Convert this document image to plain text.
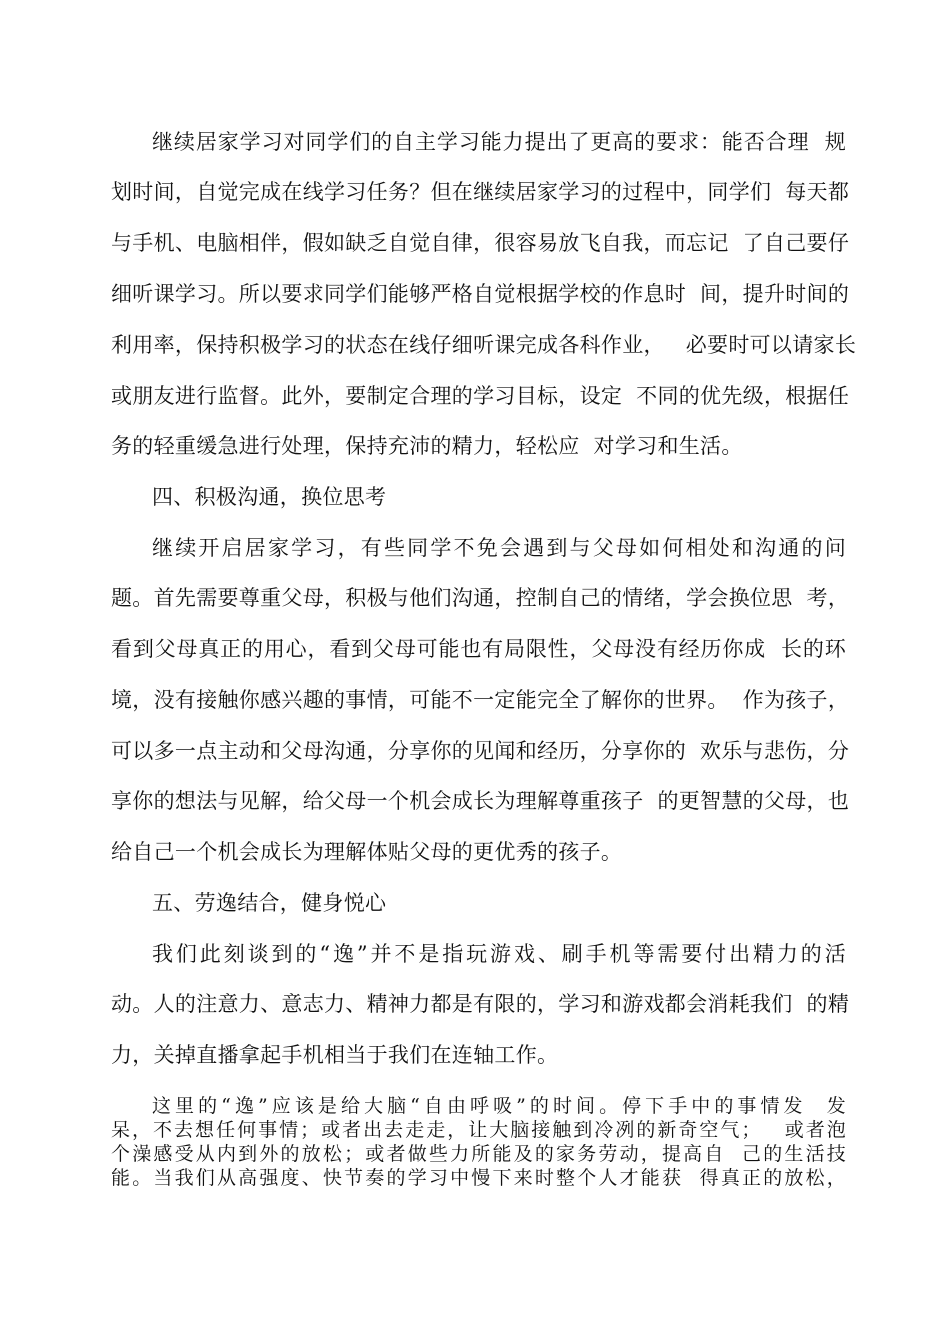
继续居家学习对同学们的自主学习能力提出了更高的要求：能否合理  规
划时间，自觉完成在线学习任务？但在继续居家学习的过程中，同学们  每天都
与手机、电脑相伴，假如缺乏自觉自律，很容易放飞自我，而忘记  了自己要仔
细听课学习。所以要求同学们能够严格自觉根据学校的作息时  间，提升时间的
利用率，保持积极学习的状态在线仔细听课完成各科作业，   必要时可以请家长
或朋友进行监督。此外，要制定合理的学习目标，设定  不同的优先级，根据任
务的轻重缓急进行处理，保持充沛的精力，轻松应  对学习和生活。
四、积极沟通，换位思考
继续开启居家学习，有些同学不免会遇到与父母如何相处和沟通的问
题。首先需要尊重父母，积极与他们沟通，控制自己的情绪，学会换位思  考，
看到父母真正的用心，看到父母可能也有局限性，父母没有经历你成  长的环
境，没有接触你感兴趣的事情，可能不一定能完全了解你的世界。  作为孩子，
可以多一点主动和父母沟通，分享你的见闻和经历，分享你的  欢乐与悲伤，分
享你的想法与见解，给父母一个机会成长为理解尊重孩子  的更智慧的父母，也
给自己一个机会成长为理解体贴父母的更优秀的孩子。
五、劳逸结合，健身悦心
我们此刻谈到的“逸”并不是指玩游戏、刷手机等需要付出精力的活
动。人的注意力、意志力、精神力都是有限的，学习和游戏都会消耗我们  的精
力，关掉直播拿起手机相当于我们在连轴工作。
这里的“逸”应该是给大脑“自由呼吸”的时间。停下手中的事情发  发
呆，不去想任何事情；或者出去走走，让大脑接触到冷冽的新奇空气；   或者泡
个澡感受从内到外的放松；或者做些力所能及的家务劳动，提高自  己的生活技
能。当我们从高强度、快节奏的学习中慢下来时整个人才能获  得真正的放松，
